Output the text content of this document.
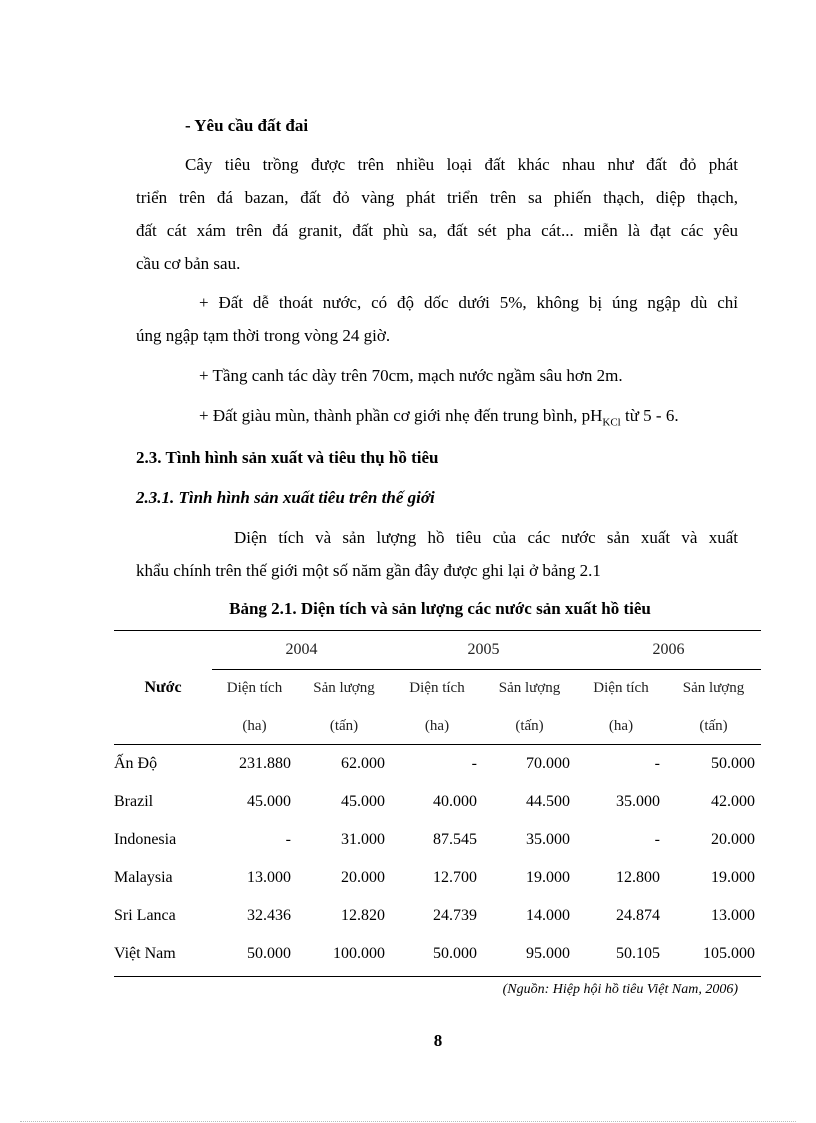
- Yêu cầu đất đai
Cây tiêu trồng được trên nhiều loại đất khác nhau như đất đỏ phát
triển trên đá bazan, đất đỏ vàng phát triển trên sa phiến thạch, diệp thạch,
đất cát xám trên đá granit, đất phù sa, đất sét pha cát... miễn là đạt các yêu
cầu cơ bản sau.
+ Đất dễ thoát nước, có độ dốc dưới 5%, không bị úng ngập dù chỉ
úng ngập tạm thời trong vòng 24 giờ.
+ Tầng canh tác dày trên 70cm, mạch nước ngầm sâu hơn 2m.
+ Đất giàu mùn, thành phần cơ giới nhẹ đến trung bình, $pH_{KCl}$ từ 5 - 6.
2.3. Tình hình sản xuất và tiêu thụ hồ tiêu
2.3.1. Tình hình sản xuất tiêu trên thế giới
Diện tích và sản lượng hồ tiêu của các nước sản xuất và xuất
khẩu chính trên thế giới một số năm gần đây được ghi lại ở bảng 2.1
Bảng 2.1. Diện tích và sản lượng các nước sản xuất hồ tiêu
Nước	2004		2005		2006	
	Diện tích	Sản lượng	Diện tích	Sản lượng	Diện tích	Sản lượng
	(ha)	(tấn)	(ha)	(tấn)	(ha)	(tấn)
Ấn Độ	231.880	62.000	-	70.000	-	50.000
Brazil	45.000	45.000	40.000	44.500	35.000	42.000
Indonesia	-	31.000	87.545	35.000	-	20.000
Malaysia	13.000	20.000	12.700	19.000	12.800	19.000
Sri Lanca	32.436	12.820	24.739	14.000	24.874	13.000
Việt Nam	50.000	100.000	50.000	95.000	50.105	105.000
(Nguồn: Hiệp hội hồ tiêu Việt Nam, 2006)
8
